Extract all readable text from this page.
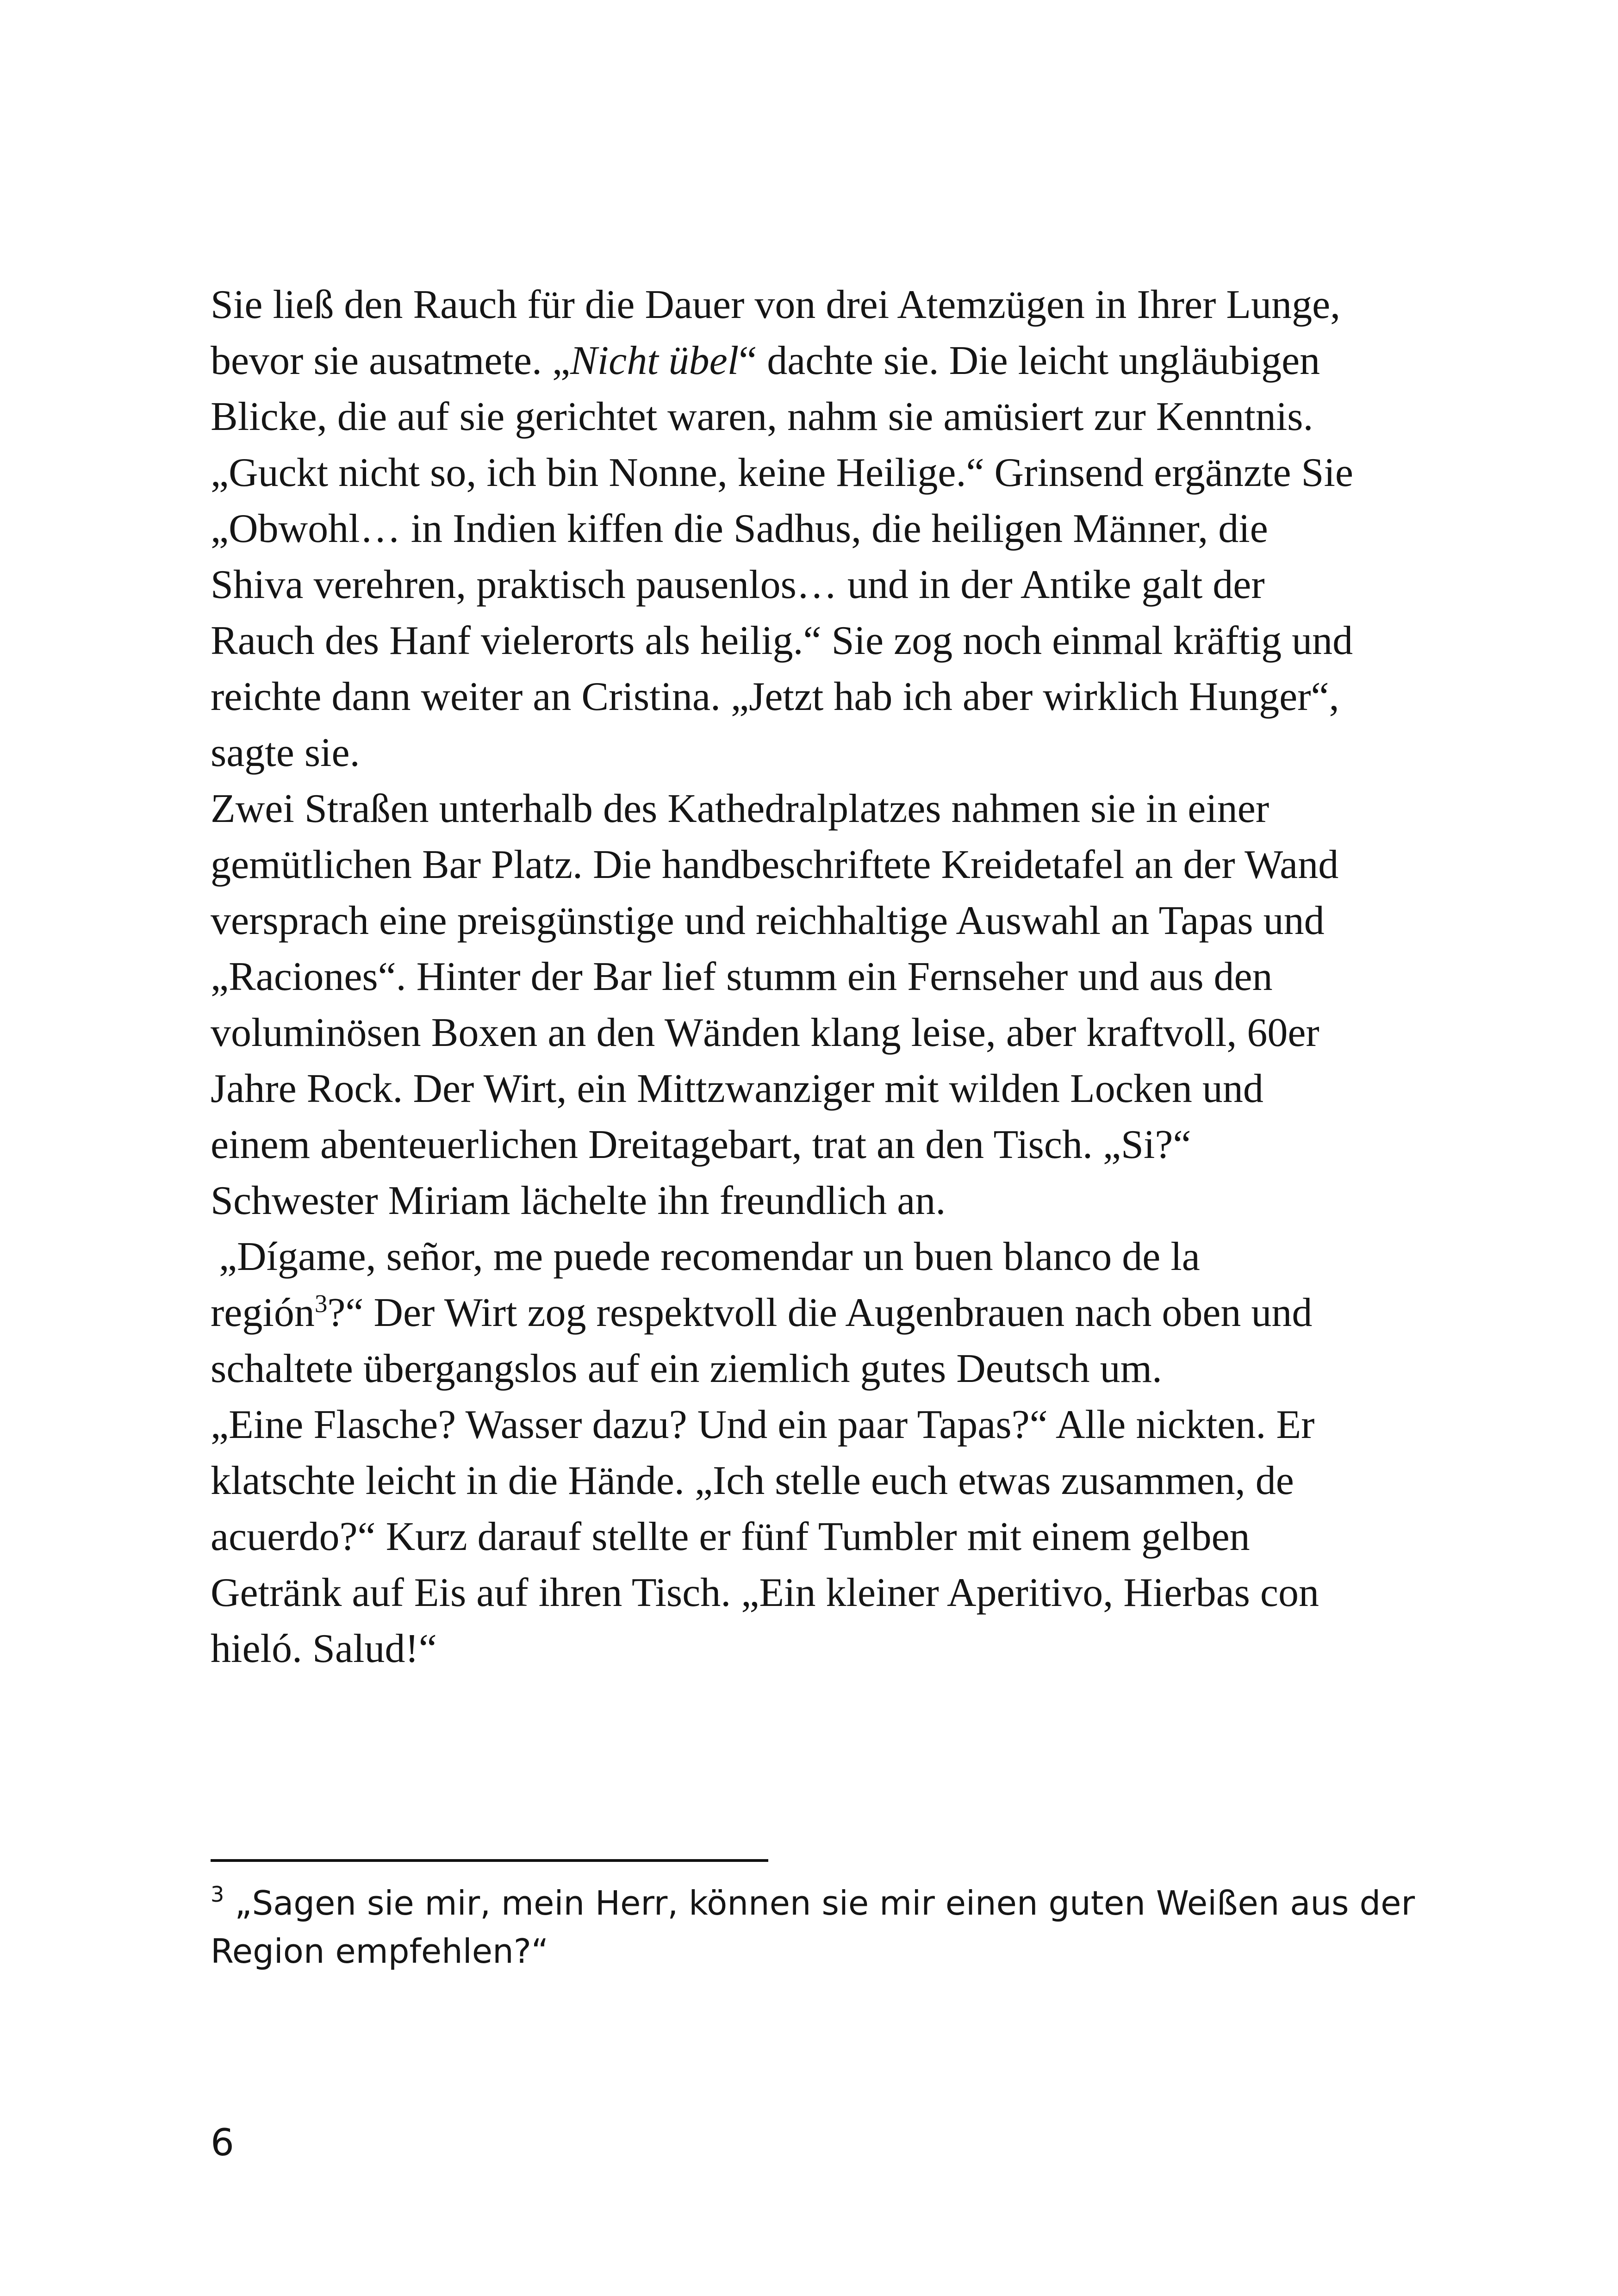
Sie ließ den Rauch für die Dauer von drei Atemzügen in Ihrer Lunge,
bevor sie ausatmete. „Nicht übel“ dachte sie. Die leicht ungläubigen
Blicke, die auf sie gerichtet waren, nahm sie amüsiert zur Kenntnis.
„Guckt nicht so, ich bin Nonne, keine Heilige.“ Grinsend ergänzte Sie
„Obwohl… in Indien kiffen die Sadhus, die heiligen Männer, die
Shiva verehren, praktisch pausenlos… und in der Antike galt der
Rauch des Hanf vielerorts als heilig.“ Sie zog noch einmal kräftig und
reichte dann weiter an Cristina. „Jetzt hab ich aber wirklich Hunger“,
sagte sie.
Zwei Straßen unterhalb des Kathedralplatzes nahmen sie in einer
gemütlichen Bar Platz. Die handbeschriftete Kreidetafel an der Wand
versprach eine preisgünstige und reichhaltige Auswahl an Tapas und
„Raciones“. Hinter der Bar lief stumm ein Fernseher und aus den
voluminösen Boxen an den Wänden klang leise, aber kraftvoll, 60er
Jahre Rock. Der Wirt, ein Mittzwanziger mit wilden Locken und
einem abenteuerlichen Dreitagebart, trat an den Tisch. „Si?“
Schwester Miriam lächelte ihn freundlich an.
„Dígame, señor, me puede recomendar un buen blanco de la
región$^3$?“ Der Wirt zog respektvoll die Augenbrauen nach oben und
schaltete übergangslos auf ein ziemlich gutes Deutsch um.
„Eine Flasche? Wasser dazu? Und ein paar Tapas?“ Alle nickten. Er
klatschte leicht in die Hände. „Ich stelle euch etwas zusammen, de
acuerdo?“ Kurz darauf stellte er fünf Tumbler mit einem gelben
Getränk auf Eis auf ihren Tisch. „Ein kleiner Aperitivo, Hierbas con
hieló. Salud!“
$^3$ „Sagen sie mir, mein Herr, können sie mir einen guten Weißen aus der
Region empfehlen?“
6
